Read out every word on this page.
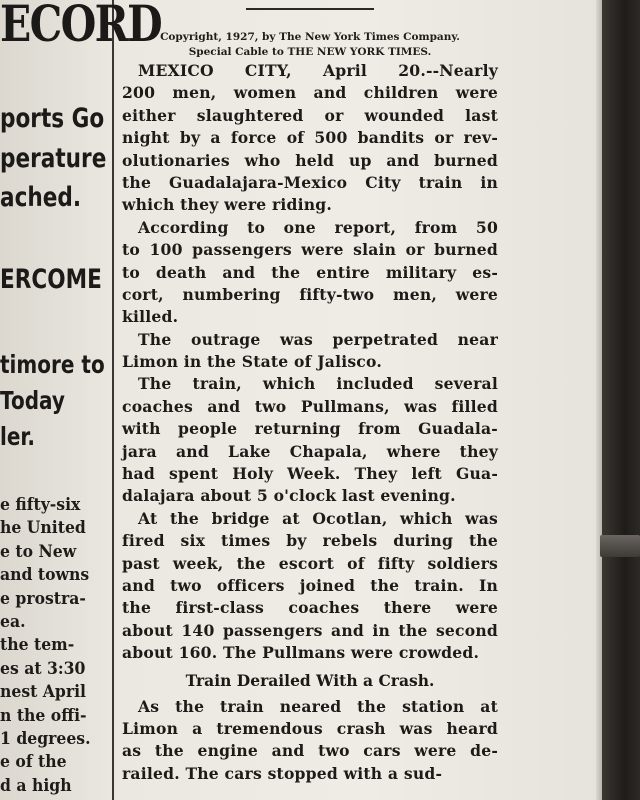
ECORD
ports Go
perature
ached.
ERCOME
timore to
Today
ler.
e fifty-six
he United
e to New
and towns
e prostra-
ea.
the tem-
es at 3:30
nest April
n the offi-
1 degrees.
e of the
d a high
Copyright, 1927, by The New York Times Company.
Special Cable to THE NEW YORK TIMES.
MEXICO CITY, April 20.--Nearly
200 men, women and children were
either slaughtered or wounded last
night by a force of 500 bandits or rev-
olutionaries who held up and burned
the Guadalajara-Mexico City train in
which they were riding.
According to one report, from 50
to 100 passengers were slain or burned
to death and the entire military es-
cort, numbering fifty-two men, were
killed.
The outrage was perpetrated near
Limon in the State of Jalisco.
The train, which included several
coaches and two Pullmans, was filled
with people returning from Guadala-
jara and Lake Chapala, where they
had spent Holy Week. They left Gua-
dalajara about 5 o'clock last evening.
At the bridge at Ocotlan, which was
fired six times by rebels during the
past week, the escort of fifty soldiers
and two officers joined the train. In
the first-class coaches there were
about 140 passengers and in the second
about 160. The Pullmans were crowded.
Train Derailed With a Crash.
As the train neared the station at
Limon a tremendous crash was heard
as the engine and two cars were de-
railed. The cars stopped with a sud-
